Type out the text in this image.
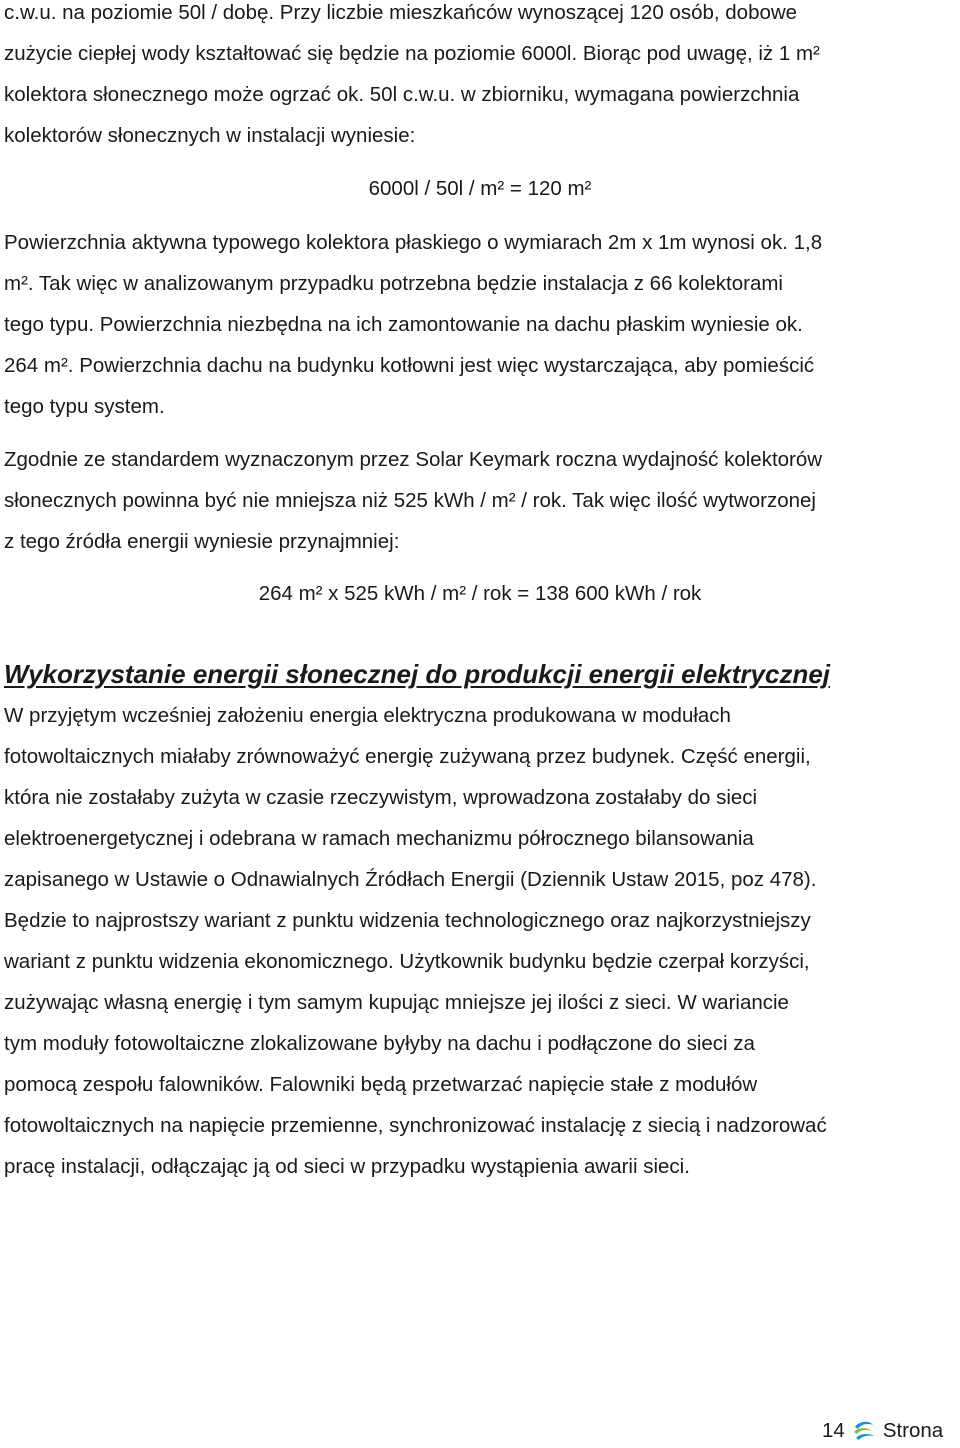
c.w.u. na poziomie 50l / dobę. Przy liczbie mieszkańców wynoszącej 120 osób, dobowe
zużycie ciepłej wody kształtować się będzie na poziomie 6000l. Biorąc pod uwagę, iż 1 m²
kolektora słonecznego może ogrzać ok. 50l c.w.u. w zbiorniku, wymagana powierzchnia
kolektorów słonecznych w instalacji wyniesie:
6000l / 50l / m² = 120 m²
Powierzchnia aktywna typowego kolektora płaskiego o wymiarach 2m x 1m wynosi ok. 1,8
m². Tak więc w analizowanym przypadku potrzebna będzie instalacja z 66 kolektorami
tego typu. Powierzchnia niezbędna na ich zamontowanie na dachu płaskim wyniesie ok.
264 m². Powierzchnia dachu na budynku kotłowni jest więc wystarczająca, aby pomieścić
tego typu system.
Zgodnie ze standardem wyznaczonym przez Solar Keymark roczna wydajność kolektorów
słonecznych powinna być nie mniejsza niż 525 kWh / m² / rok. Tak więc ilość wytworzonej
z tego źródła energii wyniesie przynajmniej:
264 m² x 525 kWh / m² / rok = 138 600 kWh / rok
Wykorzystanie energii słonecznej do produkcji energii elektrycznej
W przyjętym wcześniej założeniu energia elektryczna produkowana w modułach
fotowoltaicznych miałaby zrównoważyć energię zużywaną przez budynek. Część energii,
która nie zostałaby zużyta w czasie rzeczywistym, wprowadzona zostałaby do sieci
elektroenergetycznej i odebrana w ramach mechanizmu półrocznego bilansowania
zapisanego w Ustawie o Odnawialnych Źródłach Energii (Dziennik Ustaw 2015, poz 478).
Będzie to najprostszy wariant z punktu widzenia technologicznego oraz najkorzystniejszy
wariant z punktu widzenia ekonomicznego. Użytkownik budynku będzie czerpał korzyści,
zużywając własną energię i tym samym kupując mniejsze jej ilości z sieci. W wariancie
tym moduły fotowoltaiczne zlokalizowane byłyby na dachu i podłączone do sieci za
pomocą zespołu falowników. Falowniki będą przetwarzać napięcie stałe z modułów
fotowoltaicznych na napięcie przemienne, synchronizować instalację z siecią i nadzorować
pracę instalacji, odłączając ją od sieci w przypadku wystąpienia awarii sieci.
14 Strona
